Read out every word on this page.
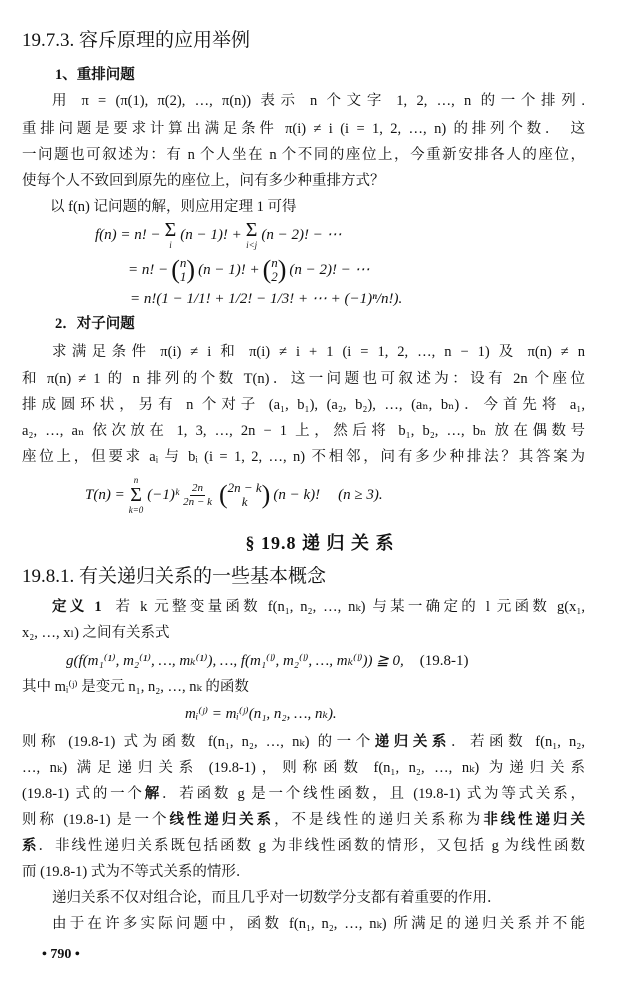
19.7.3. 容斥原理的应用举例
1、重排问题
用 π = (π(1), π(2), …, π(n)) 表示 n 个文字 1, 2, …, n 的一个排列.
重排问题是要求计算出满足条件 π(i) ≠ i (i = 1, 2, …, n) 的排列个数． 这
一问题也可叙述为：有 n 个人坐在 n 个不同的座位上，今重新安排各人的座位，
使每个人不致回到原先的座位上，问有多少种重排方式？
以 f(n) 记问题的解，则应用定理 1 可得
f(n) = n! − Σ
i
(n − 1)! + Σ
i<j
(n − 2)! − ⋯
= n! − ( n
1 ) (n − 1)! + ( n
2 ) (n − 2)! − ⋯
= n!(1 − 1/1! + 1/2! − 1/3! + ⋯ + (−1)ⁿ/n!).
2．对子问题
求满足条件 π(i) ≠ i 和 π(i) ≠ i + 1 (i = 1, 2, …, n − 1) 及 π(n) ≠ n
和 π(n) ≠ 1 的 n 排列的个数 T(n)．这一问题也可叙述为：设有 2n 个座位
排成圆环状，另有 n 个对子 (a₁, b₁), (a₂, b₂), …, (aₙ, bₙ)．今首先将 a₁,
a₂, …, aₙ 依次放在 1, 3, …, 2n − 1 上，然后将 b₁, b₂, …, bₙ 放在偶数号
座位上，但要求 aᵢ 与 bᵢ (i = 1, 2, …, n) 不相邻，问有多少种排法？其答案为
T(n) =
n
Σ
k=0
(−1)ᵏ $\frac{2n}{2n - k}$ ( 2n − k
k ) (n − k)! (n ≥ 3).
§ 19.8 递 归 关 系
19.8.1. 有关递归关系的一些基本概念
定义 1 若 k 元整变量函数 f(n₁, n₂, …, nₖ) 与某一确定的 l 元函数 g(x₁,
x₂, …, xₗ) 之间有关系式
g(f(m₁⁽¹⁾, m₂⁽¹⁾, …, mₖ⁽¹⁾), …, f(m₁⁽ˡ⁾, m₂⁽ˡ⁾, …, mₖ⁽ˡ⁾)) ≧ 0, (19.8-1)
其中 mᵢ⁽ʲ⁾ 是变元 n₁, n₂, …, nₖ 的函数
mᵢ⁽ʲ⁾ = mᵢ⁽ʲ⁾(n₁, n₂, …, nₖ).
则称 (19.8-1) 式为函数 f(n₁, n₂, …, nₖ) 的一个递归关系．若函数 f(n₁, n₂,
…, nₖ) 满足递归关系 (19.8-1)，则称函数 f(n₁, n₂, …, nₖ) 为递归关系
(19.8-1) 式的一个解．若函数 g 是一个线性函数，且 (19.8-1) 式为等式关系，
则称 (19.8-1) 是一个线性递归关系，不是线性的递归关系称为非线性递归关
系．非线性递归关系既包括函数 g 为非线性函数的情形，又包括 g 为线性函数
而 (19.8-1) 式为不等式关系的情形．
递归关系不仅对组合论，而且几乎对一切数学分支都有着重要的作用．
由于在许多实际问题中，函数 f(n₁, n₂, …, nₖ) 所满足的递归关系并不能
• 790 •
